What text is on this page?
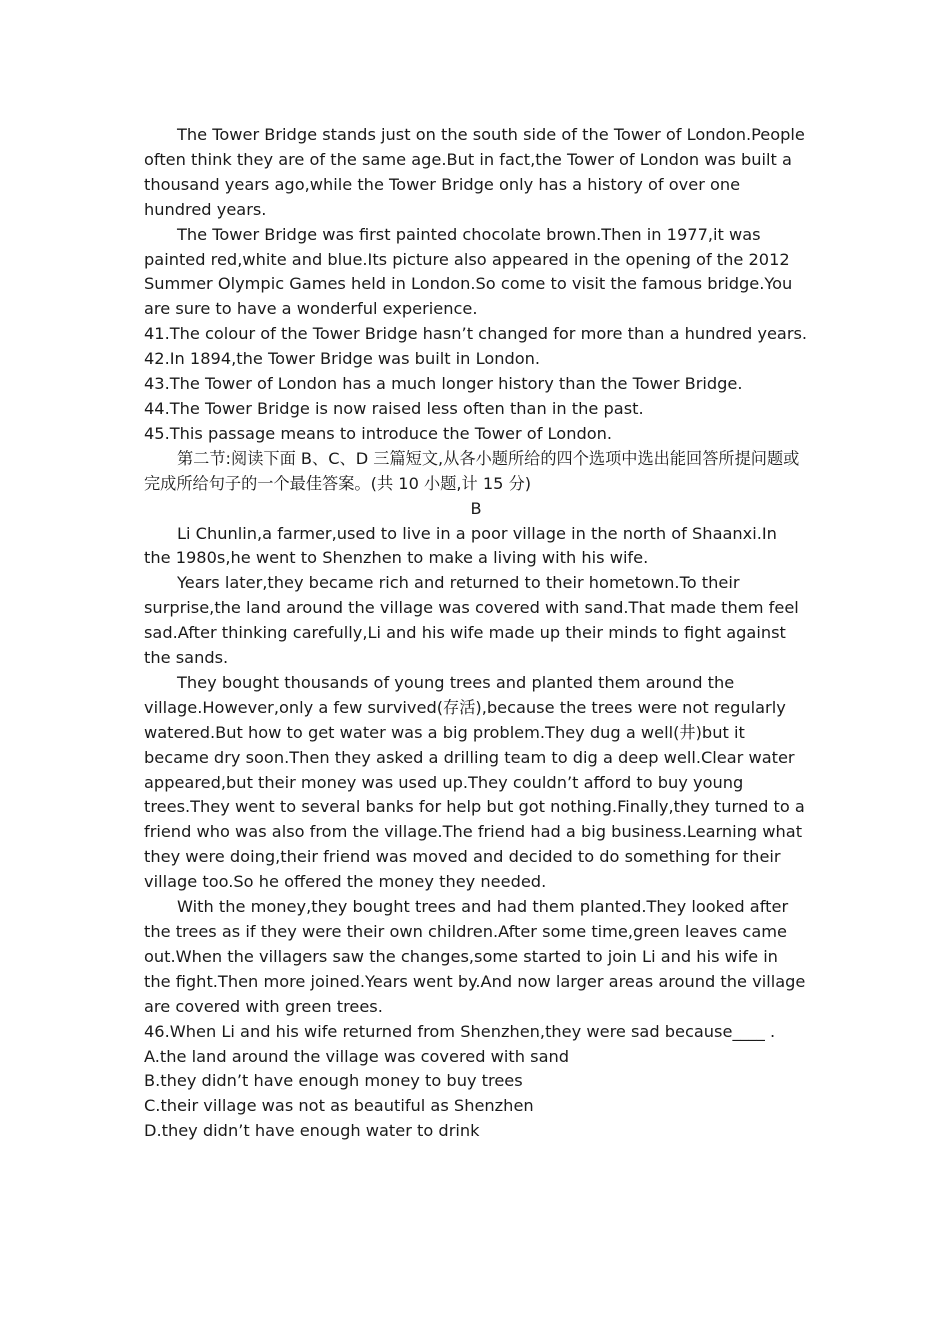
The Tower Bridge stands just on the south side of the Tower of London.People often think they are of the same age.But in fact,the Tower of London was built a thousand years ago,while the Tower Bridge only has a history of over one hundred years.

The Tower Bridge was first painted chocolate brown.Then in 1977,it was painted red,white and blue.Its picture also appeared in the opening of the 2012 Summer Olympic Games held in London.So come to visit the famous bridge.You are sure to have a wonderful experience.

41.The colour of the Tower Bridge hasn’t changed for more than a hundred years.

42.In 1894,the Tower Bridge was built in London.

43.The Tower of London has a much longer history than the Tower Bridge.

44.The Tower Bridge is now raised less often than in the past.

45.This passage means to introduce the Tower of London.

第二节:阅读下面 B、C、D 三篇短文,从各小题所给的四个选项中选出能回答所提问题或完成所给句子的一个最佳答案。(共 10 小题,计 15 分)

B

Li Chunlin,a farmer,used to live in a poor village in the north of Shaanxi.In the 1980s,he went to Shenzhen to make a living with his wife.

Years later,they became rich and returned to their hometown.To their surprise,the land around the village was covered with sand.That made them feel sad.After thinking carefully,Li and his wife made up their minds to fight against the sands.

They bought thousands of young trees and planted them around the village.However,only a few survived(存活),because the trees were not regularly watered.But how to get water was a big problem.They dug a well(井)but it became dry soon.Then they asked a drilling team to dig a deep well.Clear water appeared,but their money was used up.They couldn’t afford to buy young trees.They went to several banks for help but got nothing.Finally,they turned to a friend who was also from the village.The friend had a big business.Learning what they were doing,their friend was moved and decided to do something for their village too.So he offered the money they needed.

With the money,they bought trees and had them planted.They looked after the trees as if they were their own children.After some time,green leaves came out.When the villagers saw the changes,some started to join Li and his wife in the fight.Then more joined.Years went by.And now larger areas around the village are covered with green trees.

46.When Li and his wife returned from Shenzhen,they were sad because____ .

A.the land around the village was covered with sand

B.they didn’t have enough money to buy trees

C.their village was not as beautiful as Shenzhen

D.they didn’t have enough water to drink
